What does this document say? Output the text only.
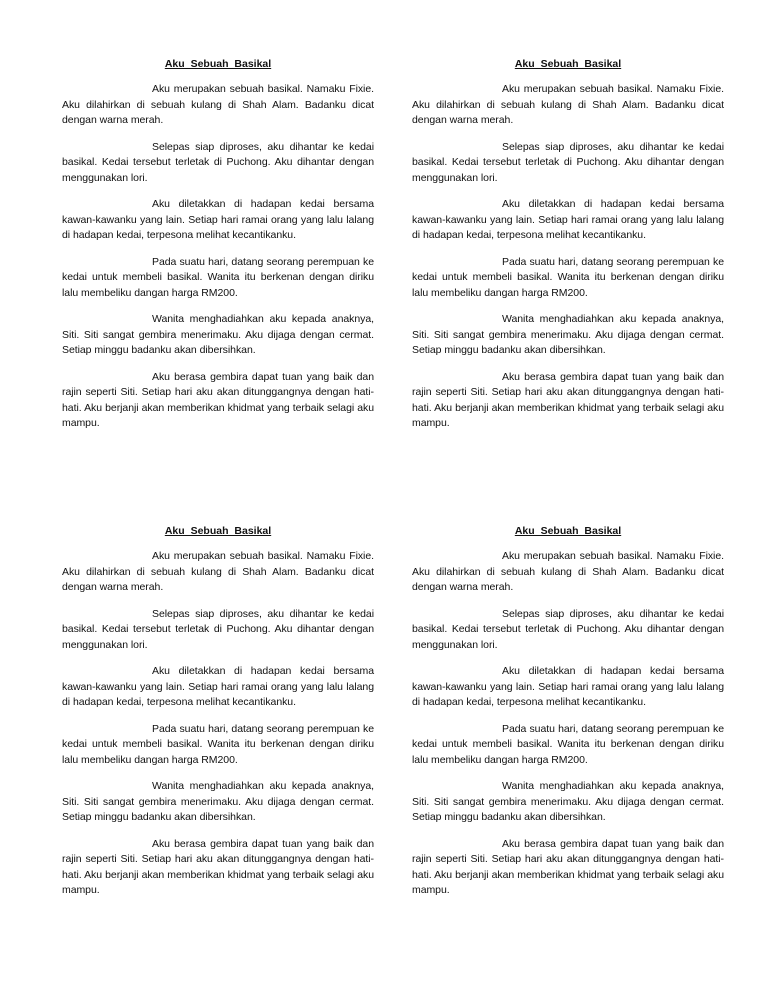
Aku Sebuah Basikal

Aku merupakan sebuah basikal. Namaku Fixie. Aku dilahirkan di sebuah kulang di Shah Alam. Badanku dicat dengan warna merah.

Selepas siap diproses, aku dihantar ke kedai basikal. Kedai tersebut terletak di Puchong. Aku dihantar dengan menggunakan lori.

Aku diletakkan di hadapan kedai bersama kawan-kawanku yang lain. Setiap hari ramai orang yang lalu lalang di hadapan kedai, terpesona melihat kecantikanku.

Pada suatu hari, datang seorang perempuan ke kedai untuk membeli basikal. Wanita itu berkenan dengan diriku lalu membeliku dangan harga RM200.

Wanita menghadiahkan aku kepada anaknya, Siti. Siti sangat gembira menerimaku. Aku dijaga dengan cermat. Setiap minggu badanku akan dibersihkan.

Aku berasa gembira dapat tuan yang baik dan rajin seperti Siti. Setiap hari aku akan ditunggangnya dengan hati-hati. Aku berjanji akan memberikan khidmat yang terbaik selagi aku mampu.

Aku Sebuah Basikal

Aku merupakan sebuah basikal. Namaku Fixie. Aku dilahirkan di sebuah kulang di Shah Alam. Badanku dicat dengan warna merah.

Selepas siap diproses, aku dihantar ke kedai basikal. Kedai tersebut terletak di Puchong. Aku dihantar dengan menggunakan lori.

Aku diletakkan di hadapan kedai bersama kawan-kawanku yang lain. Setiap hari ramai orang yang lalu lalang di hadapan kedai, terpesona melihat kecantikanku.

Pada suatu hari, datang seorang perempuan ke kedai untuk membeli basikal. Wanita itu berkenan dengan diriku lalu membeliku dangan harga RM200.

Wanita menghadiahkan aku kepada anaknya, Siti. Siti sangat gembira menerimaku. Aku dijaga dengan cermat. Setiap minggu badanku akan dibersihkan.

Aku berasa gembira dapat tuan yang baik dan rajin seperti Siti. Setiap hari aku akan ditunggangnya dengan hati-hati. Aku berjanji akan memberikan khidmat yang terbaik selagi aku mampu.

Aku Sebuah Basikal

Aku merupakan sebuah basikal. Namaku Fixie. Aku dilahirkan di sebuah kulang di Shah Alam. Badanku dicat dengan warna merah.

Selepas siap diproses, aku dihantar ke kedai basikal. Kedai tersebut terletak di Puchong. Aku dihantar dengan menggunakan lori.

Aku diletakkan di hadapan kedai bersama kawan-kawanku yang lain. Setiap hari ramai orang yang lalu lalang di hadapan kedai, terpesona melihat kecantikanku.

Pada suatu hari, datang seorang perempuan ke kedai untuk membeli basikal. Wanita itu berkenan dengan diriku lalu membeliku dangan harga RM200.

Wanita menghadiahkan aku kepada anaknya, Siti. Siti sangat gembira menerimaku. Aku dijaga dengan cermat. Setiap minggu badanku akan dibersihkan.

Aku berasa gembira dapat tuan yang baik dan rajin seperti Siti. Setiap hari aku akan ditunggangnya dengan hati-hati. Aku berjanji akan memberikan khidmat yang terbaik selagi aku mampu.

Aku Sebuah Basikal

Aku merupakan sebuah basikal. Namaku Fixie. Aku dilahirkan di sebuah kulang di Shah Alam. Badanku dicat dengan warna merah.

Selepas siap diproses, aku dihantar ke kedai basikal. Kedai tersebut terletak di Puchong. Aku dihantar dengan menggunakan lori.

Aku diletakkan di hadapan kedai bersama kawan-kawanku yang lain. Setiap hari ramai orang yang lalu lalang di hadapan kedai, terpesona melihat kecantikanku.

Pada suatu hari, datang seorang perempuan ke kedai untuk membeli basikal. Wanita itu berkenan dengan diriku lalu membeliku dangan harga RM200.

Wanita menghadiahkan aku kepada anaknya, Siti. Siti sangat gembira menerimaku. Aku dijaga dengan cermat. Setiap minggu badanku akan dibersihkan.

Aku berasa gembira dapat tuan yang baik dan rajin seperti Siti. Setiap hari aku akan ditunggangnya dengan hati-hati. Aku berjanji akan memberikan khidmat yang terbaik selagi aku mampu.
